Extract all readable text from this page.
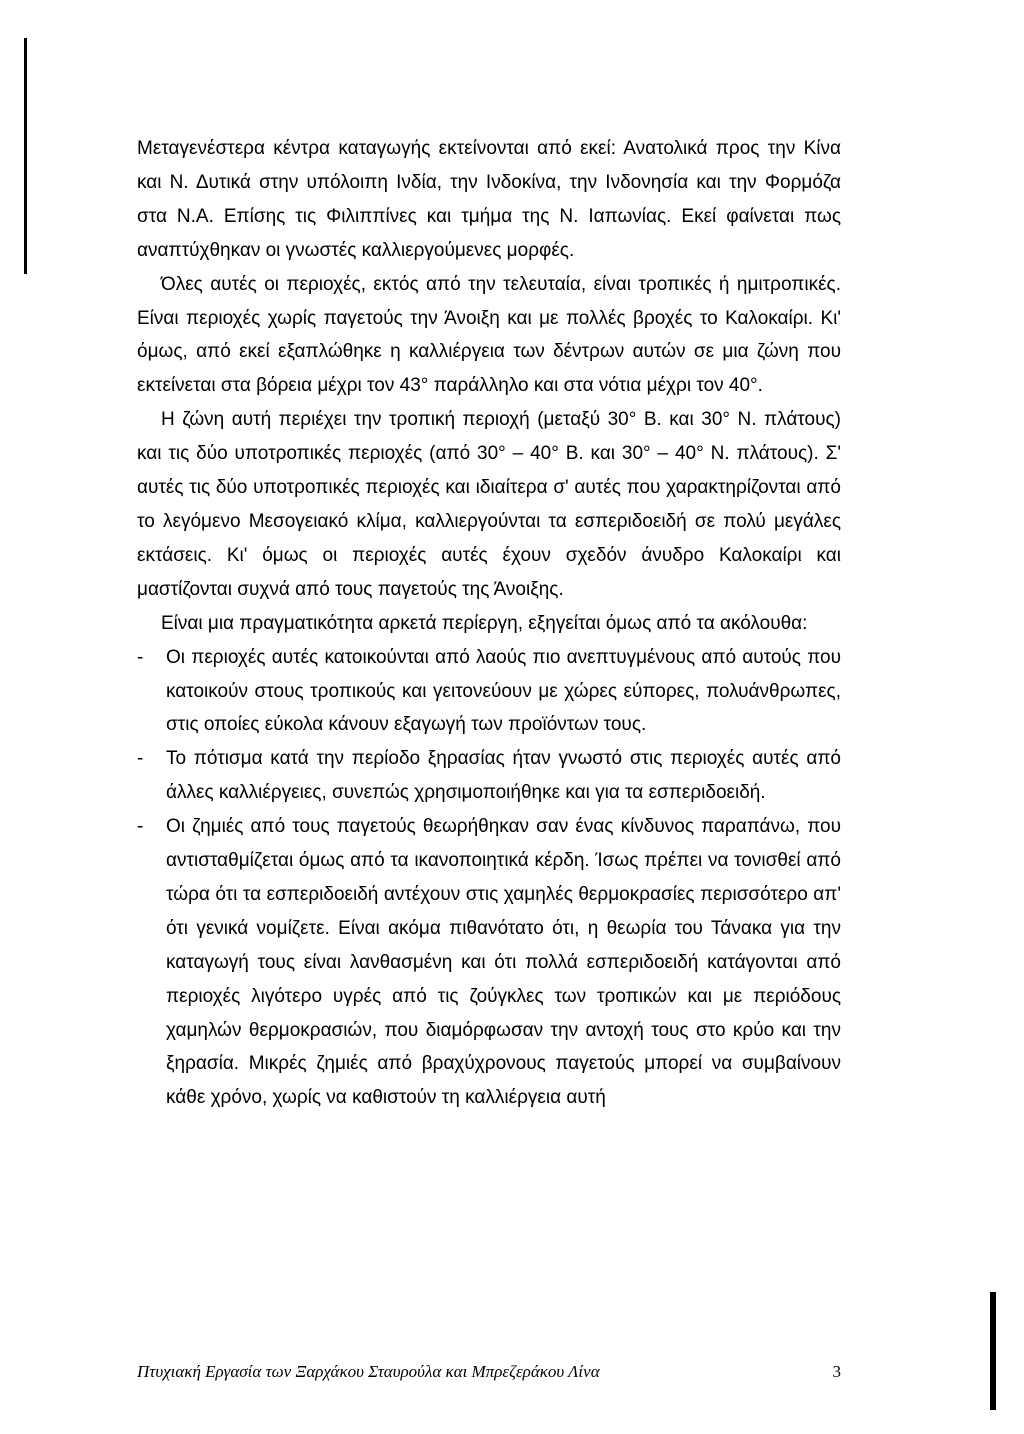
Μεταγενέστερα κέντρα καταγωγής εκτείνονται από εκεί: Ανατολικά προς την Κίνα και Ν. Δυτικά στην υπόλοιπη Ινδία, την Ινδοκίνα, την Ινδονησία και την Φορμόζα στα Ν.Α. Επίσης τις Φιλιππίνες και τμήμα της Ν. Ιαπωνίας. Εκεί φαίνεται πως αναπτύχθηκαν οι γνωστές καλλιεργούμενες μορφές.

Όλες αυτές οι περιοχές, εκτός από την τελευταία, είναι τροπικές ή ημιτροπικές. Είναι περιοχές χωρίς παγετούς την Άνοιξη και με πολλές βροχές το Καλοκαίρι. Κι' όμως, από εκεί εξαπλώθηκε η καλλιέργεια των δέντρων αυτών σε μια ζώνη που εκτείνεται στα βόρεια μέχρι τον 43° παράλληλο και στα νότια μέχρι τον 40°.

Η ζώνη αυτή περιέχει την τροπική περιοχή (μεταξύ 30° Β. και 30° Ν. πλάτους) και τις δύο υποτροπικές περιοχές (από 30° – 40° Β. και 30° – 40° Ν. πλάτους). Σ' αυτές τις δύο υποτροπικές περιοχές και ιδιαίτερα σ' αυτές που χαρακτηρίζονται από το λεγόμενο Μεσογειακό κλίμα, καλλιεργούνται τα εσπεριδοειδή σε πολύ μεγάλες εκτάσεις. Κι' όμως οι περιοχές αυτές έχουν σχεδόν άνυδρο Καλοκαίρι και μαστίζονται συχνά από τους παγετούς της Άνοιξης.

Είναι μια πραγματικότητα αρκετά περίεργη, εξηγείται όμως από τα ακόλουθα:

- Οι περιοχές αυτές κατοικούνται από λαούς πιο ανεπτυγμένους από αυτούς που κατοικούν στους τροπικούς και γειτονεύουν με χώρες εύπορες, πολυάνθρωπες, στις οποίες εύκολα κάνουν εξαγωγή των προϊόντων τους.
- Το πότισμα κατά την περίοδο ξηρασίας ήταν γνωστό στις περιοχές αυτές από άλλες καλλιέργειες, συνεπώς χρησιμοποιήθηκε και για τα εσπεριδοειδή.
- Οι ζημιές από τους παγετούς θεωρήθηκαν σαν ένας κίνδυνος παραπάνω, που αντισταθμίζεται όμως από τα ικανοποιητικά κέρδη. Ίσως πρέπει να τονισθεί από τώρα ότι τα εσπεριδοειδή αντέχουν στις χαμηλές θερμοκρασίες περισσότερο απ' ότι γενικά νομίζετε. Είναι ακόμα πιθανότατο ότι, η θεωρία του Τάνακα για την καταγωγή τους είναι λανθασμένη και ότι πολλά εσπεριδοειδή κατάγονται από περιοχές λιγότερο υγρές από τις ζούγκλες των τροπικών και με περιόδους χαμηλών θερμοκρασιών, που διαμόρφωσαν την αντοχή τους στο κρύο και την ξηρασία. Μικρές ζημιές από βραχύχρονους παγετούς μπορεί να συμβαίνουν κάθε χρόνο, χωρίς να καθιστούν τη καλλιέργεια αυτή
Πτυχιακή Εργασία των Ξαρχάκου Σταυρούλα και Μπρεζεράκου Λίνα	3
